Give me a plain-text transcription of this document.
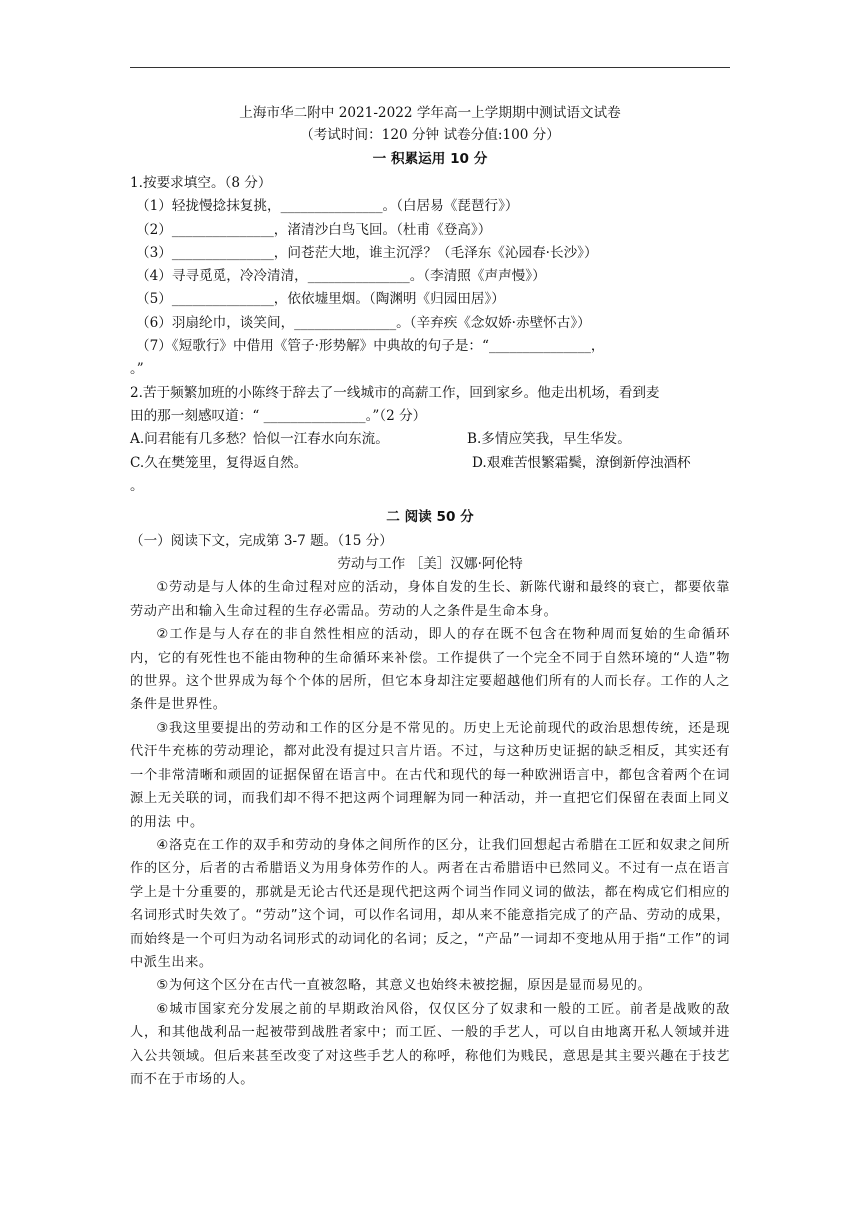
上海市华二附中 2021-2022 学年高一上学期期中测试语文试卷
（考试时间：120 分钟 试卷分值:100 分）
一 积累运用 10 分
1.按要求填空。（8 分）
（1）轻拢慢捻抹复挑，_______________。（白居易《琵琶行》）
（2）_______________，渚清沙白鸟飞回。（杜甫《登高》）
（3）_______________，问苍茫大地，谁主沉浮？（毛泽东《沁园春·长沙》）
（4）寻寻觅觅，冷冷清清，_______________。（李清照《声声慢》）
（5）_______________，依依墟里烟。（陶渊明《归园田居》）
（6）羽扇纶巾，谈笑间，_______________。（辛弃疾《念奴娇·赤壁怀古》）
（7）《短歌行》中借用《管子·形势解》中典故的句子是：“_______________，
。”
2.苦于频繁加班的小陈终于辞去了一线城市的高薪工作，回到家乡。他走出机场，看到麦
田的那一刻感叹道：“ _______________。”（2 分）
A.问君能有几多愁？恰似一江春水向东流。	B.多情应笑我，早生华发。
C.久在樊笼里，复得返自然。	D.艰难苦恨繁霜鬓，潦倒新停浊酒杯
。
二 阅读 50 分
（一）阅读下文，完成第 3-7 题。（15 分）
劳动与工作 ［美］汉娜·阿伦特
①劳动是与人体的生命过程对应的活动，身体自发的生长、新陈代谢和最终的衰亡，都要依靠劳动产出和输入生命过程的生存必需品。劳动的人之条件是生命本身。
②工作是与人存在的非自然性相应的活动，即人的存在既不包含在物种周而复始的生命循环内，它的有死性也不能由物种的生命循环来补偿。工作提供了一个完全不同于自然环境的“人造”物的世界。这个世界成为每个个体的居所，但它本身却注定要超越他们所有的人而长存。工作的人之条件是世界性。
③我这里要提出的劳动和工作的区分是不常见的。历史上无论前现代的政治思想传统，还是现代汗牛充栋的劳动理论，都对此没有提过只言片语。不过，与这种历史证据的缺乏相反，其实还有一个非常清晰和顽固的证据保留在语言中。在古代和现代的每一种欧洲语言中，都包含着两个在词源上无关联的词，而我们却不得不把这两个词理解为同一种活动，并一直把它们保留在表面上同义的用法 中。
④洛克在工作的双手和劳动的身体之间所作的区分，让我们回想起古希腊在工匠和奴隶之间所作的区分，后者的古希腊语义为用身体劳作的人。两者在古希腊语中已然同义。不过有一点在语言学上是十分重要的，那就是无论古代还是现代把这两个词当作同义词的做法，都在构成它们相应的名词形式时失效了。“劳动”这个词，可以作名词用，却从来不能意指完成了的产品、劳动的成果，而始终是一个可归为动名词形式的动词化的名词；反之，“产品”一词却不变地从用于指“工作”的词中派生出来。
⑤为何这个区分在古代一直被忽略，其意义也始终未被挖掘，原因是显而易见的。
⑥城市国家充分发展之前的早期政治风俗，仅仅区分了奴隶和一般的工匠。前者是战败的敌人，和其他战利品一起被带到战胜者家中；而工匠、一般的手艺人，可以自由地离开私人领域并进入公共领域。但后来甚至改变了对这些手艺人的称呼，称他们为贱民，意思是其主要兴趣在于技艺而不在于市场的人。
